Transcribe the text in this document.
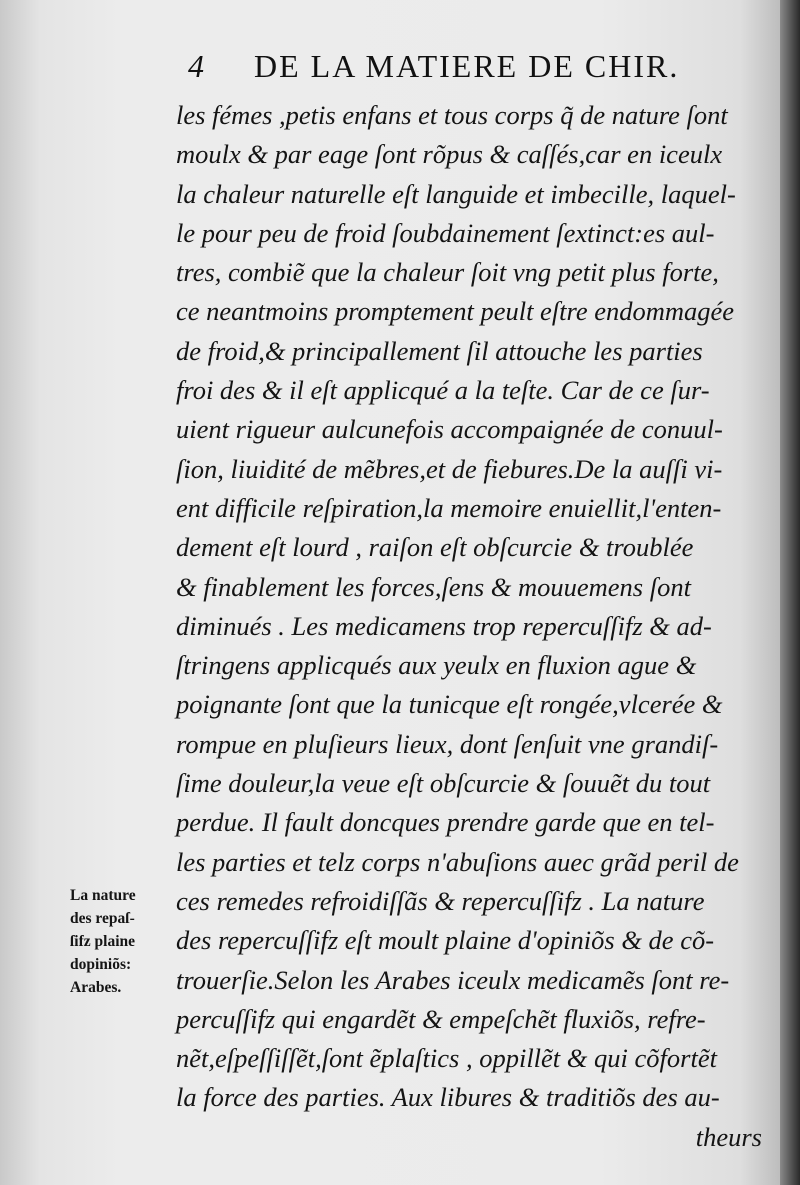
4 DE LA MATIERE DE CHIR.
les fémes ,petis enfans et tous corps q̃ de nature ſont
moulx & par eage ſont rõpus & caſſés,car en iceulx
la chaleur naturelle eſt languide et imbecille, laquel-
le pour peu de froid ſoubdainement ſextinct:es aul-
tres, combiẽ que la chaleur ſoit vng petit plus forte,
ce neantmoins promptement peult eſtre endommagée
de froid,& principallement ſil attouche les parties
froi des & il eſt applicqué a la teſte. Car de ce ſur-
uient rigueur aulcunefois accompaignée de conuul-
ſion, liuidité de mẽbres,et de fiebures.De la auſſi vi-
ent difficile reſpiration,la memoire enuiellit,l'enten-
dement eſt lourd , raiſon eſt obſcurcie & troublée
& finablement les forces,ſens & mouuemens ſont
diminués . Les medicamens trop repercuſſifz & ad-
ſtringens applicqués aux yeulx en fluxion ague &
poignante ſont que la tunicque eſt rongée,vlcerée &
rompue en pluſieurs lieux, dont ſenſuit vne grandiſ-
ſime douleur,la veue eſt obſcurcie & ſouuẽt du tout
perdue. Il fault doncques prendre garde que en tel-
les parties et telz corps n'abuſions auec grãd peril de
ces remedes refroidiſſãs & repercuſſifz . La nature
des repercuſſifz eſt moult plaine d'opiniõs & de cõ-
trouerſie.Selon les Arabes iceulx medicamẽs ſont re-
percuſſifz qui engardẽt & empeſchẽt fluxiõs, refre-
nẽt,eſpeſſiſſẽt,ſont ẽplaſtics , oppillẽt & qui cõfortẽt
la force des parties. Aux libures & traditiõs des au-
theurs
La nature
des repaſ-
ſifz plaine
dopiniõs:
Arabes.
